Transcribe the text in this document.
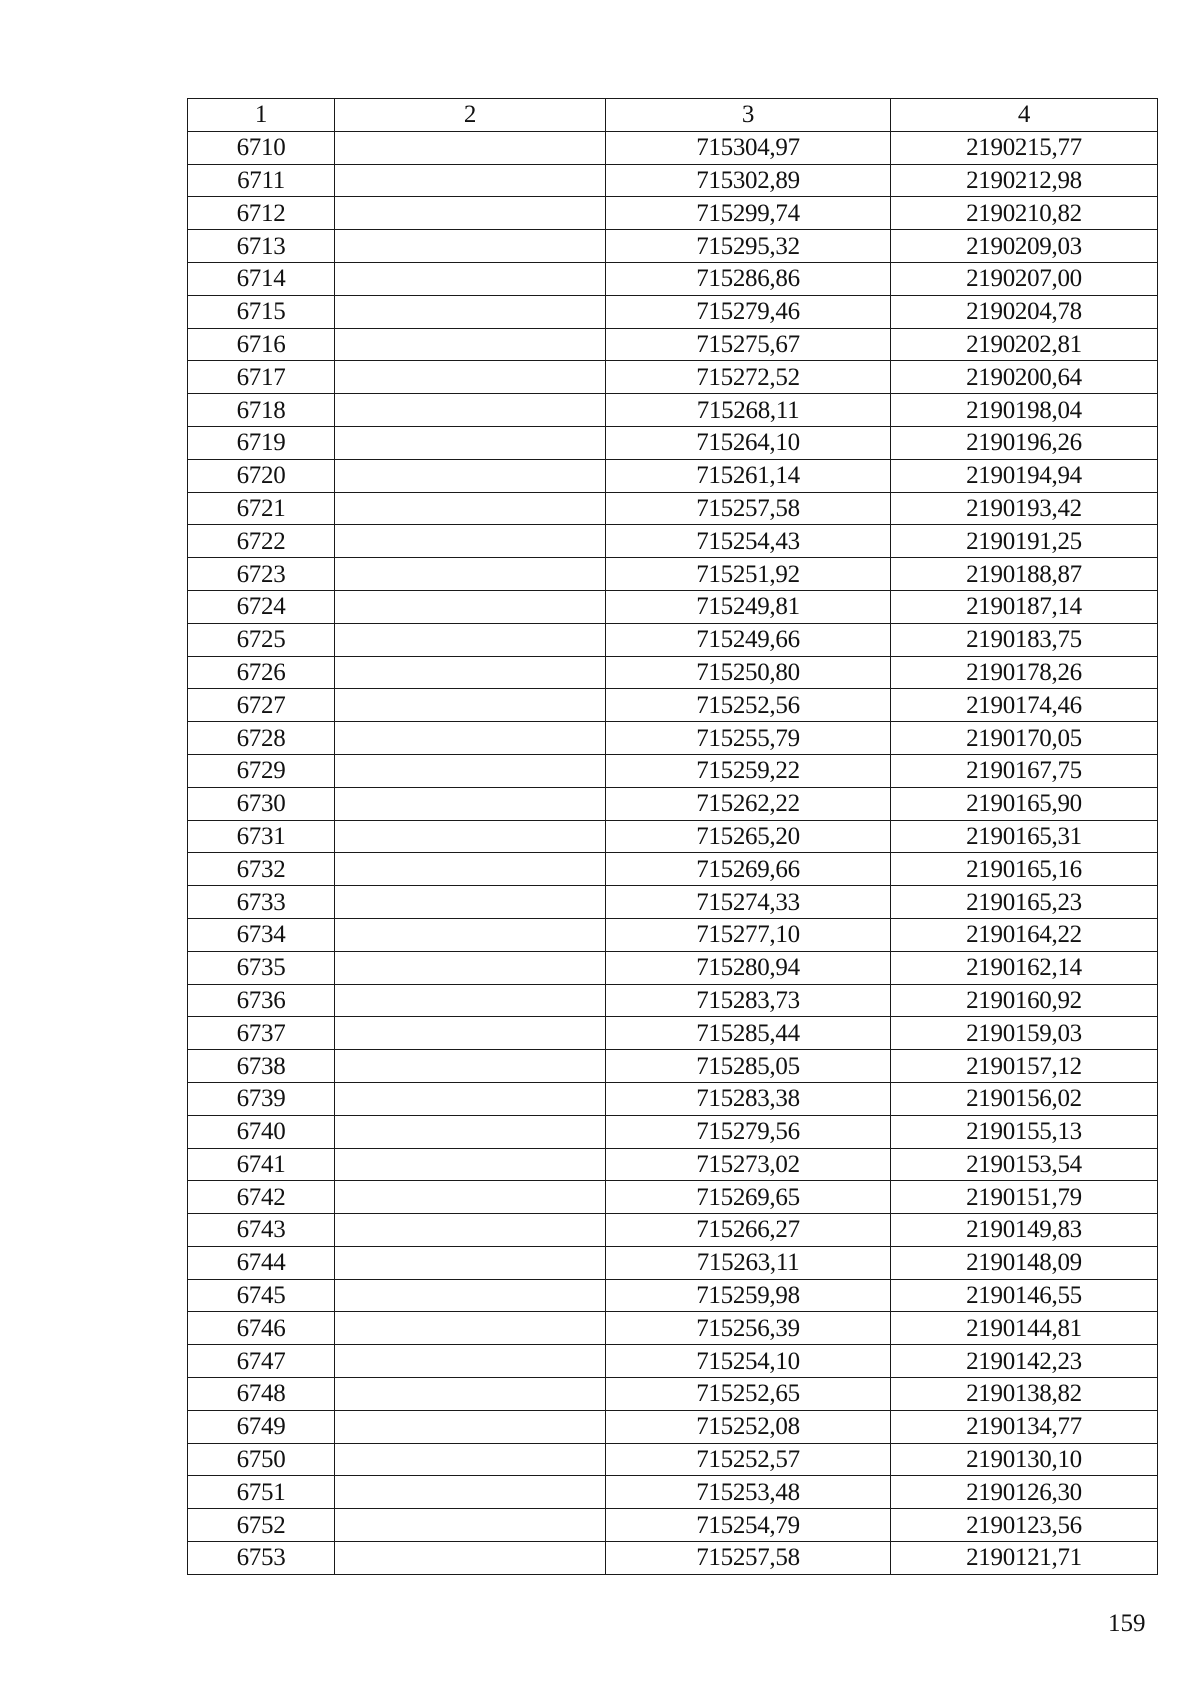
1	2	3	4
6710		715304,97	2190215,77
6711		715302,89	2190212,98
6712		715299,74	2190210,82
6713		715295,32	2190209,03
6714		715286,86	2190207,00
6715		715279,46	2190204,78
6716		715275,67	2190202,81
6717		715272,52	2190200,64
6718		715268,11	2190198,04
6719		715264,10	2190196,26
6720		715261,14	2190194,94
6721		715257,58	2190193,42
6722		715254,43	2190191,25
6723		715251,92	2190188,87
6724		715249,81	2190187,14
6725		715249,66	2190183,75
6726		715250,80	2190178,26
6727		715252,56	2190174,46
6728		715255,79	2190170,05
6729		715259,22	2190167,75
6730		715262,22	2190165,90
6731		715265,20	2190165,31
6732		715269,66	2190165,16
6733		715274,33	2190165,23
6734		715277,10	2190164,22
6735		715280,94	2190162,14
6736		715283,73	2190160,92
6737		715285,44	2190159,03
6738		715285,05	2190157,12
6739		715283,38	2190156,02
6740		715279,56	2190155,13
6741		715273,02	2190153,54
6742		715269,65	2190151,79
6743		715266,27	2190149,83
6744		715263,11	2190148,09
6745		715259,98	2190146,55
6746		715256,39	2190144,81
6747		715254,10	2190142,23
6748		715252,65	2190138,82
6749		715252,08	2190134,77
6750		715252,57	2190130,10
6751		715253,48	2190126,30
6752		715254,79	2190123,56
6753		715257,58	2190121,71
159
